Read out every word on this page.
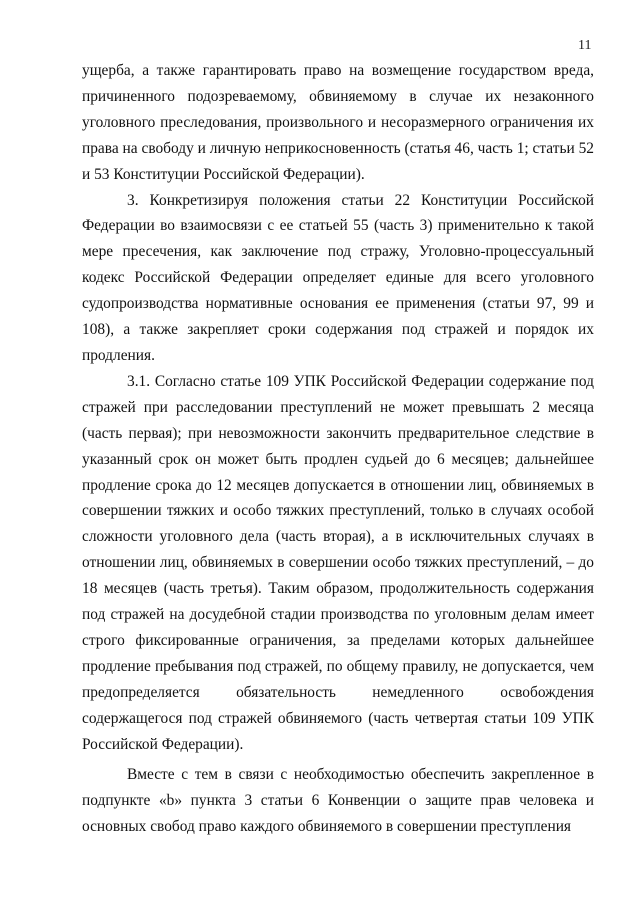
11

ущерба, а также гарантировать право на возмещение государством вреда, причиненного подозреваемому, обвиняемому в случае их незаконного уголовного преследования, произвольного и несоразмерного ограничения их права на свободу и личную неприкосновенность (статья 46, часть 1; статьи 52 и 53 Конституции Российской Федерации).

3. Конкретизируя положения статьи 22 Конституции Российской Федерации во взаимосвязи с ее статьей 55 (часть 3) применительно к такой мере пресечения, как заключение под стражу, Уголовно-процессуальный кодекс Российской Федерации определяет единые для всего уголовного судопроизводства нормативные основания ее применения (статьи 97, 99 и 108), а также закрепляет сроки содержания под стражей и порядок их продления.

3.1. Согласно статье 109 УПК Российской Федерации содержание под стражей при расследовании преступлений не может превышать 2 месяца (часть первая); при невозможности закончить предварительное следствие в указанный срок он может быть продлен судьей до 6 месяцев; дальнейшее продление срока до 12 месяцев допускается в отношении лиц, обвиняемых в совершении тяжких и особо тяжких преступлений, только в случаях особой сложности уголовного дела (часть вторая), а в исключительных случаях в отношении лиц, обвиняемых в совершении особо тяжких преступлений, – до 18 месяцев (часть третья). Таким образом, продолжительность содержания под стражей на досудебной стадии производства по уголовным делам имеет строго фиксированные ограничения, за пределами которых дальнейшее продление пребывания под стражей, по общему правилу, не допускается, чем предопределяется обязательность немедленного освобождения содержащегося под стражей обвиняемого (часть четвертая статьи 109 УПК Российской Федерации).

Вместе с тем в связи с необходимостью обеспечить закрепленное в подпункте «b» пункта 3 статьи 6 Конвенции о защите прав человека и основных свобод право каждого обвиняемого в совершении преступления
